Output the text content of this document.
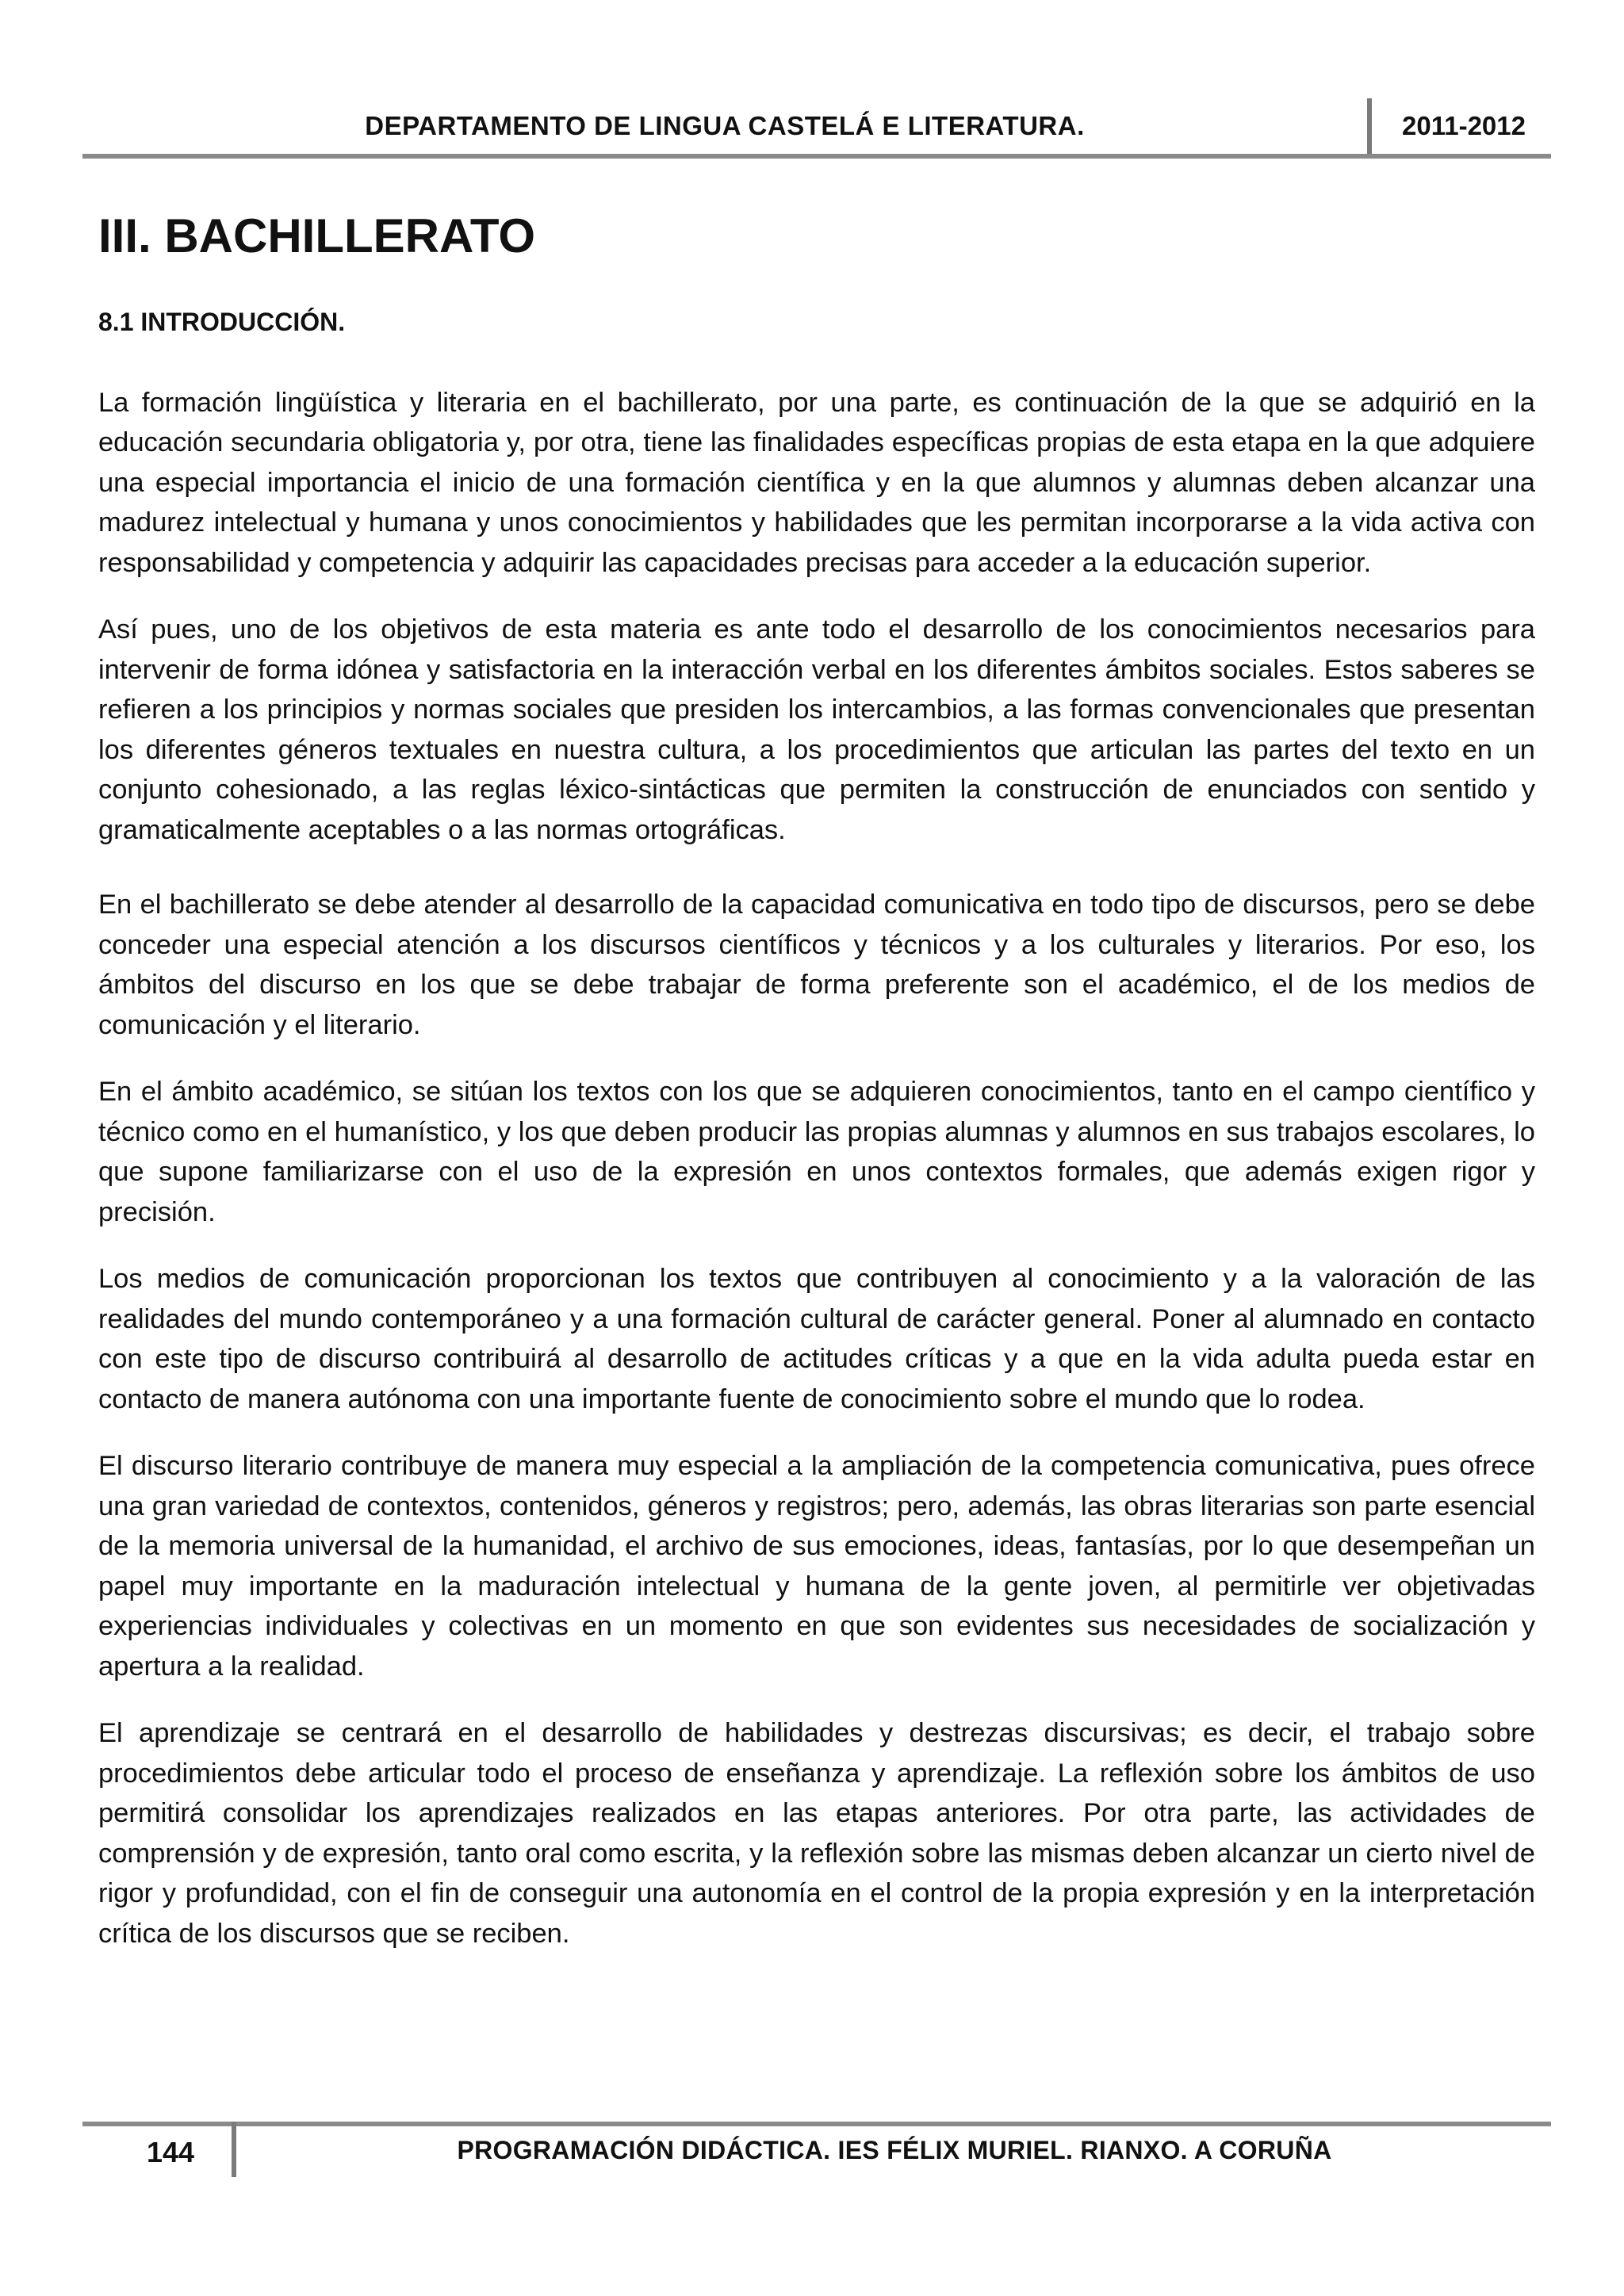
DEPARTAMENTO DE LINGUA CASTELÁ E LITERATURA.	2011-2012
III. BACHILLERATO
8.1 INTRODUCCIÓN.

La formación lingüística y literaria en el bachillerato, por una parte, es continuación de la que se adquirió en la educación secundaria obligatoria y, por otra, tiene las finalidades específicas propias de esta etapa en la que adquiere una especial importancia el inicio de una formación científica y en la que alumnos y alumnas deben alcanzar una madurez intelectual y humana y unos conocimientos y habilidades que les permitan incorporarse a la vida activa con responsabilidad y competencia y adquirir las capacidades precisas para acceder a la educación superior.

Así pues, uno de los objetivos de esta materia es ante todo el desarrollo de los conocimientos necesarios para intervenir de forma idónea y satisfactoria en la interacción verbal en los diferentes ámbitos sociales. Estos saberes se refieren a los principios y normas sociales que presiden los intercambios, a las formas convencionales que presentan los diferentes géneros textuales en nuestra cultura, a los procedimientos que articulan las partes del texto en un conjunto cohesionado, a las reglas léxico-sintácticas que permiten la construcción de enunciados con sentido y gramaticalmente aceptables o a las normas ortográficas.

En el bachillerato se debe atender al desarrollo de la capacidad comunicativa en todo tipo de discursos, pero se debe conceder una especial atención a los discursos científicos y técnicos y a los culturales y literarios. Por eso, los ámbitos del discurso en los que se debe trabajar de forma preferente son el académico, el de los medios de comunicación y el literario.

En el ámbito académico, se sitúan los textos con los que se adquieren conocimientos, tanto en el campo científico y técnico como en el humanístico, y los que deben producir las propias alumnas y alumnos en sus trabajos escolares, lo que supone familiarizarse con el uso de la expresión en unos contextos formales, que además exigen rigor y precisión.

Los medios de comunicación proporcionan los textos que contribuyen al conocimiento y a la valoración de las realidades del mundo contemporáneo y a una formación cultural de carácter general. Poner al alumnado en contacto con este tipo de discurso contribuirá al desarrollo de actitudes críticas y a que en la vida adulta pueda estar en contacto de manera autónoma con una importante fuente de conocimiento sobre el mundo que lo rodea.

El discurso literario contribuye de manera muy especial a la ampliación de la competencia comunicativa, pues ofrece una gran variedad de contextos, contenidos, géneros y registros; pero, además, las obras literarias son parte esencial de la memoria universal de la humanidad, el archivo de sus emociones, ideas, fantasías, por lo que desempeñan un papel muy importante en la maduración intelectual y humana de la gente joven, al permitirle ver objetivadas experiencias individuales y colectivas en un momento en que son evidentes sus necesidades de socialización y apertura a la realidad.

El aprendizaje se centrará en el desarrollo de habilidades y destrezas discursivas; es decir, el trabajo sobre procedimientos debe articular todo el proceso de enseñanza y aprendizaje. La reflexión sobre los ámbitos de uso permitirá consolidar los aprendizajes realizados en las etapas anteriores. Por otra parte, las actividades de comprensión y de expresión, tanto oral como escrita, y la reflexión sobre las mismas deben alcanzar un cierto nivel de rigor y profundidad, con el fin de conseguir una autonomía en el control de la propia expresión y en la interpretación crítica de los discursos que se reciben.

144	PROGRAMACIÓN DIDÁCTICA. IES FÉLIX MURIEL. RIANXO. A CORUÑA
